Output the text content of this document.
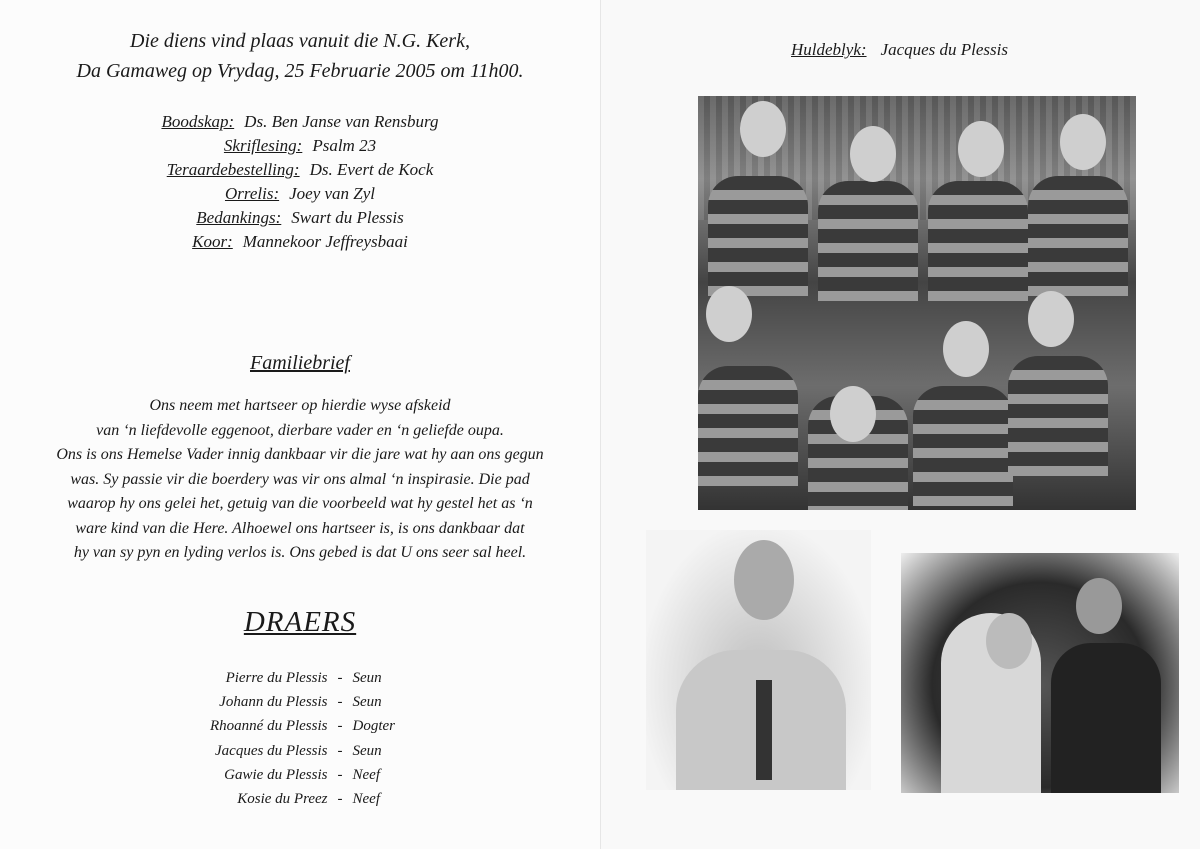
Die diens vind plaas vanuit die N.G. Kerk,
Da Gamaweg op Vrydag, 25 Februarie 2005 om 11h00.
Boodskap: Ds. Ben Janse van Rensburg
Skriflesing: Psalm 23
Teraardebestelling: Ds. Evert de Kock
Orrelis: Joey van Zyl
Bedankings: Swart du Plessis
Koor: Mannekoor Jeffreysbaai
Familiebrief
Ons neem met hartseer op hierdie wyse afskeid
van ‘n liefdevolle eggenoot, dierbare vader en ‘n geliefde oupa.
Ons is ons Hemelse Vader innig dankbaar vir die jare wat hy aan ons gegun
was. Sy passie vir die boerdery was vir ons almal ‘n inspirasie. Die pad
waarop hy ons gelei het, getuig van die voorbeeld wat hy gestel het as ‘n
ware kind van die Here. Alhoewel ons hartseer is, is ons dankbaar dat
hy van sy pyn en lyding verlos is. Ons gebed is dat U ons seer sal heel.
DRAERS
Pierre du Plessis - Seun
Johann du Plessis - Seun
Rhoanné du Plessis - Dogter
Jacques du Plessis - Seun
Gawie du Plessis - Neef
Kosie du Preez - Neef
Huldeblyk: Jacques du Plessis
